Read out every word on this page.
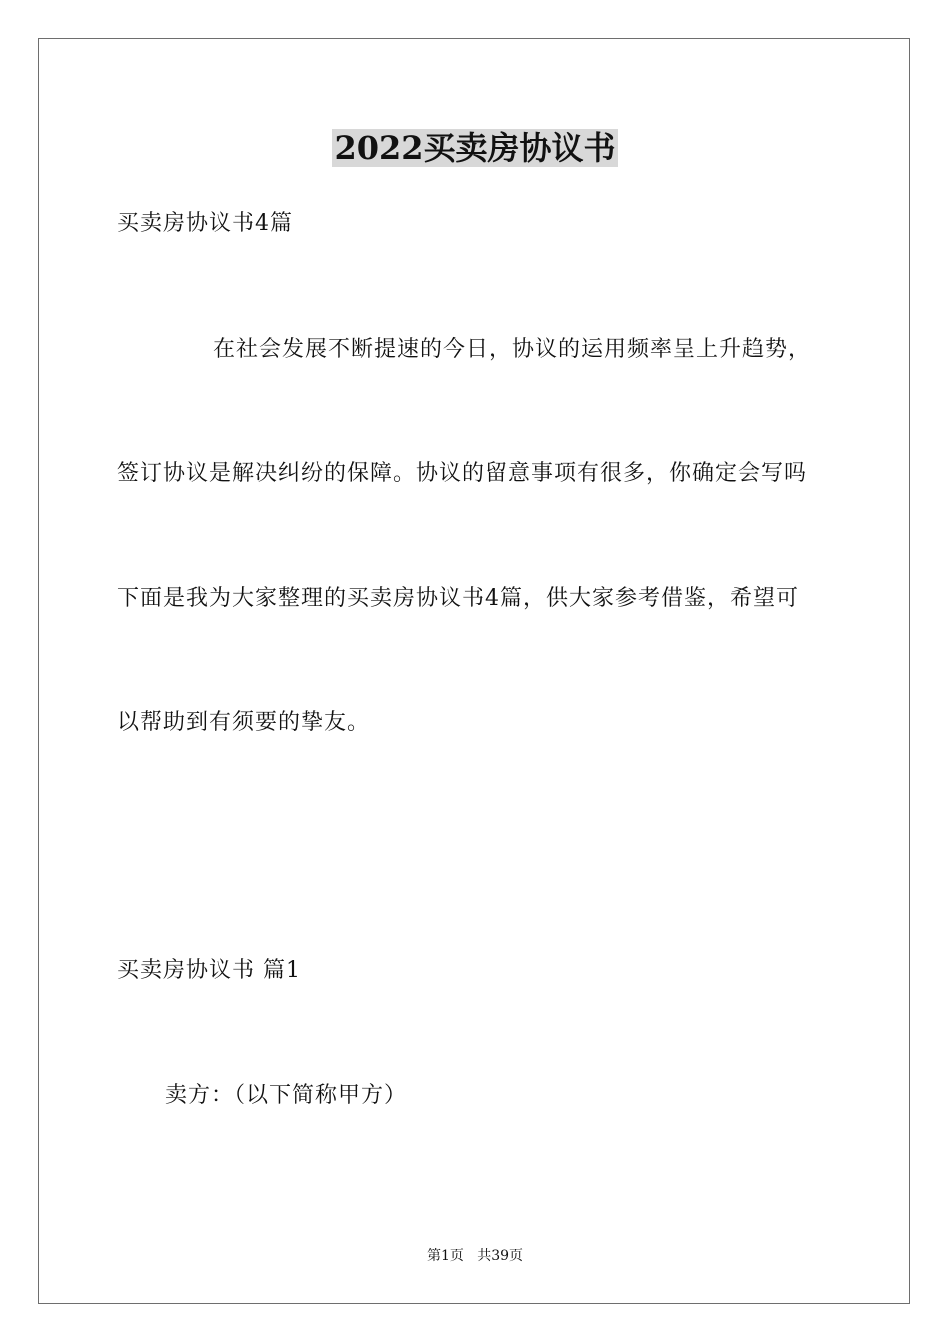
2022买卖房协议书
买卖房协议书4篇
在社会发展不断提速的今日，协议的运用频率呈上升趋势，
签订协议是解决纠纷的保障。协议的留意事项有很多，你确定会写吗
下面是我为大家整理的买卖房协议书4篇，供大家参考借鉴，希望可
以帮助到有须要的挚友。
买卖房协议书 篇1
卖方：（以下简称甲方）
第1页   共39页
